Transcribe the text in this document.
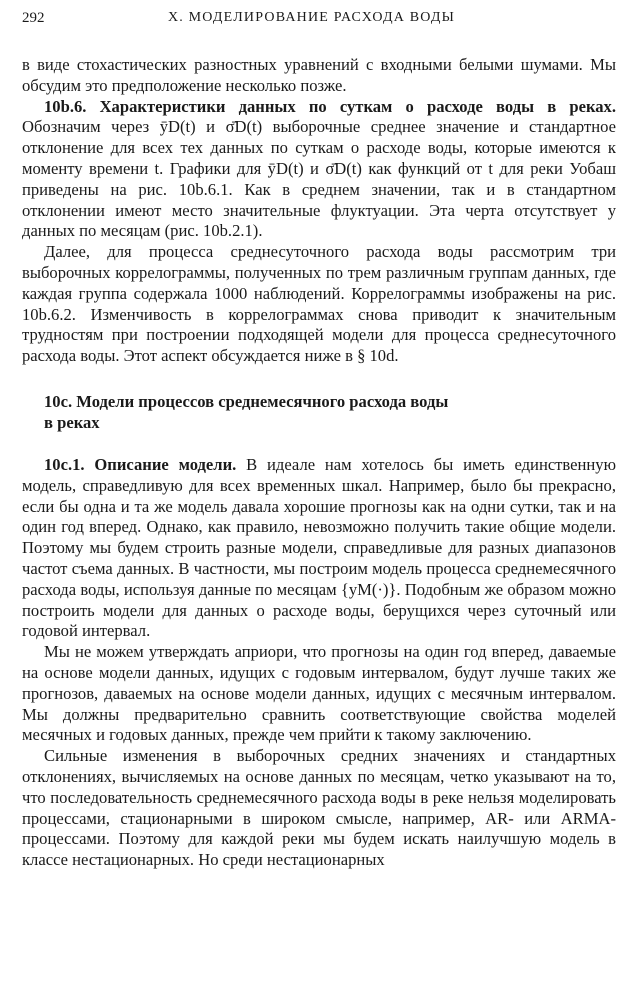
292	X. МОДЕЛИРОВАНИЕ РАСХОДА ВОДЫ

в виде стохастических разностных уравнений с входными белыми шумами. Мы обсудим это предположение несколько позже.

10b.6. Характеристики данных по суткам о расходе воды в реках. Обозначим через ȳD(t) и σ̄D(t) выборочные среднее значение и стандартное отклонение для всех тех данных по суткам о расходе воды, которые имеются к моменту времени t. Графики для ȳD(t) и σ̄D(t) как функций от t для реки Уобаш приведены на рис. 10b.6.1. Как в среднем значении, так и в стандартном отклонении имеют место значительные флуктуации. Эта черта отсутствует у данных по месяцам (рис. 10b.2.1).

Далее, для процесса среднесуточного расхода воды рассмотрим три выборочных коррелограммы, полученных по трем различным группам данных, где каждая группа содержала 1000 наблюдений. Коррелограммы изображены на рис. 10b.6.2. Изменчивость в коррелограммах снова приводит к значительным трудностям при построении подходящей модели для процесса среднесуточного расхода воды. Этот аспект обсуждается ниже в § 10d.

10c. Модели процессов среднемесячного расхода воды
в реках

10c.1. Описание модели. В идеале нам хотелось бы иметь единственную модель, справедливую для всех временных шкал. Например, было бы прекрасно, если бы одна и та же модель давала хорошие прогнозы как на одни сутки, так и на один год вперед. Однако, как правило, невозможно получить такие общие модели. Поэтому мы будем строить разные модели, справедливые для разных диапазонов частот съема данных. В частности, мы построим модель процесса среднемесячного расхода воды, используя данные по месяцам {yM(·)}. Подобным же образом можно построить модели для данных о расходе воды, берущихся через суточный или годовой интервал.

Мы не можем утверждать априори, что прогнозы на один год вперед, даваемые на основе модели данных, идущих с годовым интервалом, будут лучше таких же прогнозов, даваемых на основе модели данных, идущих с месячным интервалом. Мы должны предварительно сравнить соответствующие свойства моделей месячных и годовых данных, прежде чем прийти к такому заключению.

Сильные изменения в выборочных средних значениях и стандартных отклонениях, вычисляемых на основе данных по месяцам, четко указывают на то, что последовательность среднемесячного расхода воды в реке нельзя моделировать процессами, стационарными в широком смысле, например, AR- или ARMA-процессами. Поэтому для каждой реки мы будем искать наилучшую модель в классе нестационарных. Но среди нестационарных
